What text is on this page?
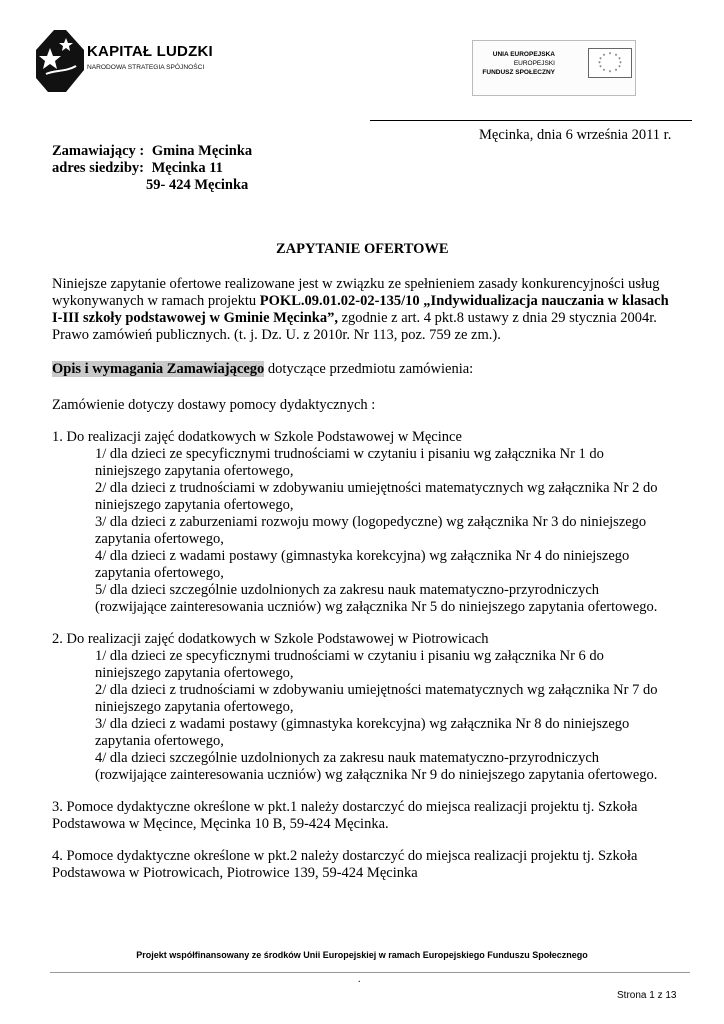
KAPITAŁ LUDZKI
NARODOWA STRATEGIA SPÓJNOŚCI
UNIA EUROPEJSKA
EUROPEJSKI
FUNDUSZ SPOŁECZNY
* *
*
*
*
*
*
*
*
*
*
*
Męcinka, dnia 6 września 2011 r.
Zamawiający : Gmina Męcinka
adres siedziby: Męcinka 11
59- 424 Męcinka
ZAPYTANIE OFERTOWE
Niniejsze zapytanie ofertowe realizowane jest w związku ze spełnieniem zasady konkurencyjności usług
wykonywanych w ramach projektu POKL.09.01.02-02-135/10 „Indywidualizacja nauczania w klasach
I-III szkoły podstawowej w Gminie Męcinka”, zgodnie z art. 4 pkt.8 ustawy z dnia 29 stycznia 2004r.
Prawo zamówień publicznych. (t. j. Dz. U. z 2010r. Nr 113, poz. 759 ze zm.).
Opis i wymagania Zamawiającego dotyczące przedmiotu zamówienia:
Zamówienie dotyczy dostawy pomocy dydaktycznych :
1. Do realizacji zajęć dodatkowych w Szkole Podstawowej w Męcince
1/ dla dzieci ze specyficznymi trudnościami w czytaniu i pisaniu wg załącznika Nr 1 do
niniejszego zapytania ofertowego,
2/ dla dzieci z trudnościami w zdobywaniu umiejętności matematycznych wg załącznika Nr 2 do
niniejszego zapytania ofertowego,
3/ dla dzieci z zaburzeniami rozwoju mowy (logopedyczne) wg załącznika Nr 3 do niniejszego
zapytania ofertowego,
4/ dla dzieci z wadami postawy (gimnastyka korekcyjna) wg załącznika Nr 4 do niniejszego
zapytania ofertowego,
5/ dla dzieci szczególnie uzdolnionych za zakresu nauk matematyczno-przyrodniczych
(rozwijające zainteresowania uczniów) wg załącznika Nr 5 do niniejszego zapytania ofertowego.
2. Do realizacji zajęć dodatkowych w Szkole Podstawowej w Piotrowicach
1/ dla dzieci ze specyficznymi trudnościami w czytaniu i pisaniu wg załącznika Nr 6 do
niniejszego zapytania ofertowego,
2/ dla dzieci z trudnościami w zdobywaniu umiejętności matematycznych wg załącznika Nr 7 do
niniejszego zapytania ofertowego,
3/ dla dzieci z wadami postawy (gimnastyka korekcyjna) wg załącznika Nr 8 do niniejszego
zapytania ofertowego,
4/ dla dzieci szczególnie uzdolnionych za zakresu nauk matematyczno-przyrodniczych
(rozwijające zainteresowania uczniów) wg załącznika Nr 9 do niniejszego zapytania ofertowego.
3. Pomoce dydaktyczne określone w pkt.1 należy dostarczyć do miejsca realizacji projektu tj. Szkoła
Podstawowa w Męcince, Męcinka 10 B, 59-424 Męcinka.
4. Pomoce dydaktyczne określone w pkt.2 należy dostarczyć do miejsca realizacji projektu tj. Szkoła
Podstawowa w Piotrowicach, Piotrowice 139, 59-424 Męcinka
Projekt współfinansowany ze środków Unii Europejskiej w ramach Europejskiego Funduszu Społecznego
.
Strona 1 z 13
